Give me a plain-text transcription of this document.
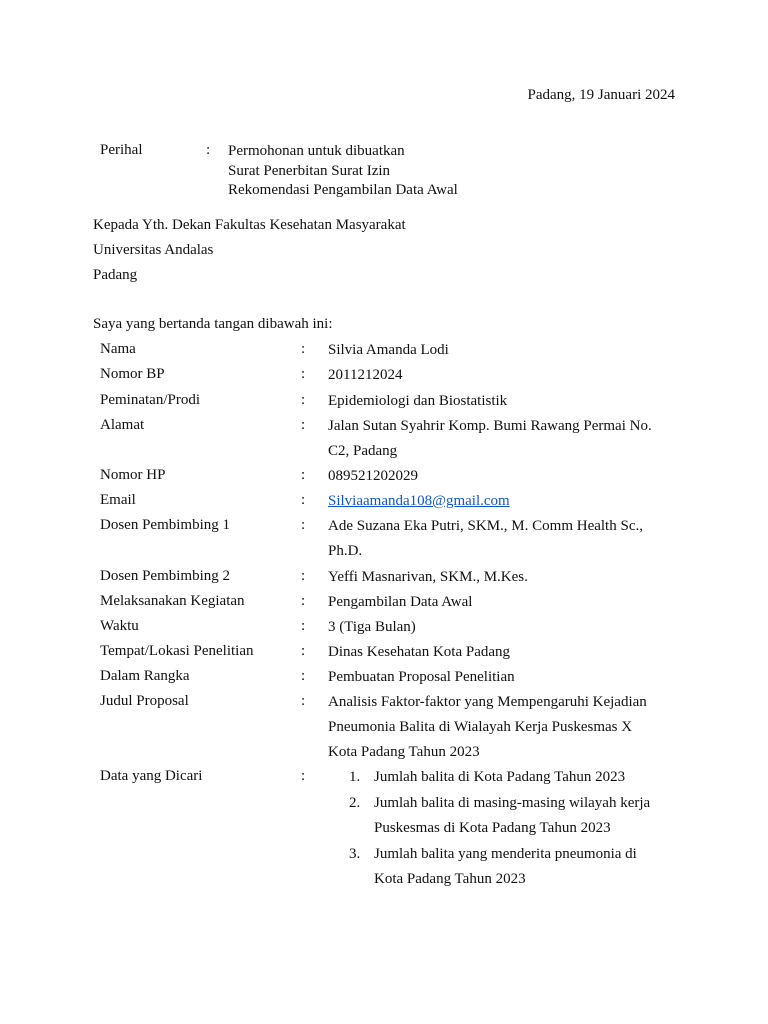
Padang, 19 Januari 2024
Perihal	: Permohonan untuk dibuatkan
Surat Penerbitan Surat Izin
Rekomendasi Pengambilan Data Awal
Kepada Yth. Dekan Fakultas Kesehatan Masyarakat
Universitas Andalas
Padang
Saya yang bertanda tangan dibawah ini:
Nama	: Silvia Amanda Lodi
Nomor BP	: 2011212024
Peminatan/Prodi	: Epidemiologi dan Biostatistik
Alamat	: Jalan Sutan Syahrir Komp. Bumi Rawang Permai No.
C2, Padang
Nomor HP	: 089521202029
Email	: Silviaamanda108@gmail.com
Dosen Pembimbing 1	: Ade Suzana Eka Putri, SKM., M. Comm Health Sc.,
Ph.D.
Dosen Pembimbing 2	: Yeffi Masnarivan, SKM., M.Kes.
Melaksanakan Kegiatan	: Pengambilan Data Awal
Waktu	: 3 (Tiga Bulan)
Tempat/Lokasi Penelitian	: Dinas Kesehatan Kota Padang
Dalam Rangka	: Pembuatan Proposal Penelitian
Judul Proposal	: Analisis Faktor-faktor yang Mempengaruhi Kejadian
Pneumonia Balita di Wialayah Kerja Puskesmas X
Kota Padang Tahun 2023
Data yang Dicari	:	1. Jumlah balita di Kota Padang Tahun 2023
2. Jumlah balita di masing-masing wilayah kerja
Puskesmas di Kota Padang Tahun 2023
3. Jumlah balita yang menderita pneumonia di
Kota Padang Tahun 2023
